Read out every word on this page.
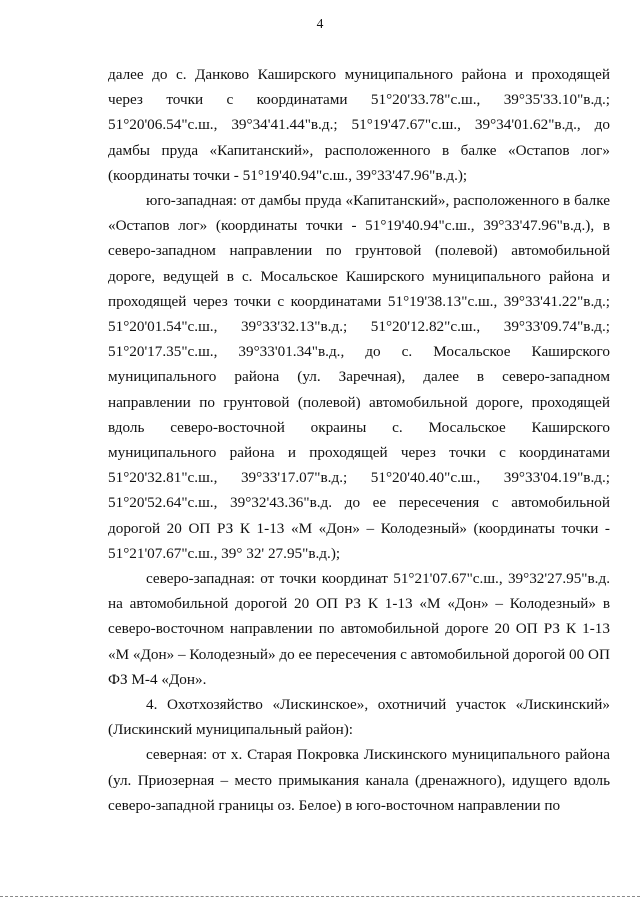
4

далее до с. Данково Каширского муниципального района и проходящей через точки с координатами 51°20'33.78"с.ш., 39°35'33.10"в.д.; 51°20'06.54"с.ш., 39°34'41.44"в.д.; 51°19'47.67"с.ш., 39°34'01.62"в.д., до дамбы пруда «Капитанский», расположенного в балке «Остапов лог» (координаты точки - 51°19'40.94"с.ш., 39°33'47.96"в.д.);

юго-западная: от дамбы пруда «Капитанский», расположенного в балке «Остапов лог» (координаты точки - 51°19'40.94"с.ш., 39°33'47.96"в.д.), в северо-западном направлении по грунтовой (полевой) автомобильной дороге, ведущей в с. Мосальское Каширского муниципального района и проходящей через точки с координатами 51°19'38.13"с.ш., 39°33'41.22"в.д.; 51°20'01.54"с.ш., 39°33'32.13"в.д.; 51°20'12.82"с.ш., 39°33'09.74"в.д.; 51°20'17.35"с.ш., 39°33'01.34"в.д., до с. Мосальское Каширского муниципального района (ул. Заречная), далее в северо-западном направлении по грунтовой (полевой) автомобильной дороге, проходящей вдоль северо-восточной окраины с. Мосальское Каширского муниципального района и проходящей через точки с координатами 51°20'32.81"с.ш., 39°33'17.07"в.д.; 51°20'40.40"с.ш., 39°33'04.19"в.д.; 51°20'52.64"с.ш., 39°32'43.36"в.д. до ее пересечения с автомобильной дорогой 20 ОП РЗ К 1-13 «М «Дон» – Колодезный» (координаты точки - 51°21'07.67"с.ш., 39° 32' 27.95"в.д.);

северо-западная: от точки координат 51°21'07.67"с.ш., 39°32'27.95"в.д. на автомобильной дорогой 20 ОП РЗ К 1-13 «М «Дон» – Колодезный» в северо-восточном направлении по автомобильной дороге 20 ОП РЗ К 1-13 «М «Дон» – Колодезный» до ее пересечения с автомобильной дорогой 00 ОП ФЗ М-4 «Дон».

4. Охотхозяйство «Лискинское», охотничий участок «Лискинский» (Лискинский муниципальный район):

северная: от х. Старая Покровка Лискинского муниципального района (ул. Приозерная – место примыкания канала (дренажного), идущего вдоль северо-западной границы оз. Белое) в юго-восточном направлении по
